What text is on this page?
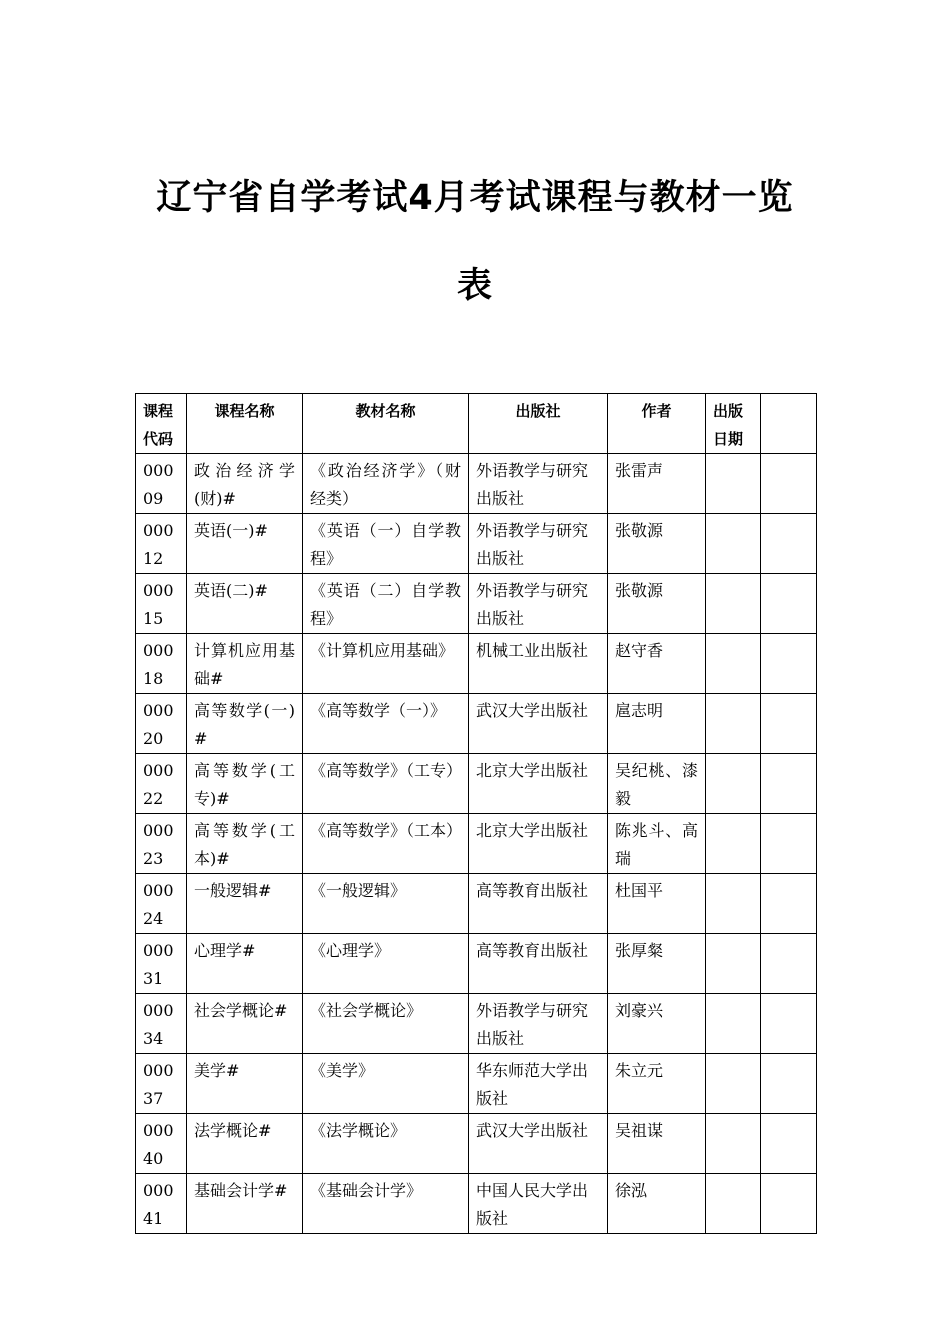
辽宁省自学考试4月考试课程与教材一览
表
课程代码	课程名称	教材名称	出版社	作者	出版日期	
00009	政治经济学(财)#	《政治经济学》（财经类）	外语教学与研究出版社	张雷声		
00012	英语(一)#	《英语（一）自学教程》	外语教学与研究出版社	张敬源		
00015	英语(二)#	《英语（二）自学教程》	外语教学与研究出版社	张敬源		
00018	计算机应用基础#	《计算机应用基础》	机械工业出版社	赵守香		
00020	高等数学(一)#	《高等数学（一）》	武汉大学出版社	扈志明		
00022	高等数学(工专)#	《高等数学》（工专）	北京大学出版社	吴纪桃、漆毅		
00023	高等数学(工本)#	《高等数学》（工本）	北京大学出版社	陈兆斗、高瑞		
00024	一般逻辑#	《一般逻辑》	高等教育出版社	杜国平		
00031	心理学#	《心理学》	高等教育出版社	张厚粲		
00034	社会学概论#	《社会学概论》	外语教学与研究出版社	刘豪兴		
00037	美学#	《美学》	华东师范大学出版社	朱立元		
00040	法学概论#	《法学概论》	武汉大学出版社	吴祖谋		
00041	基础会计学#	《基础会计学》	中国人民大学出版社	徐泓		
